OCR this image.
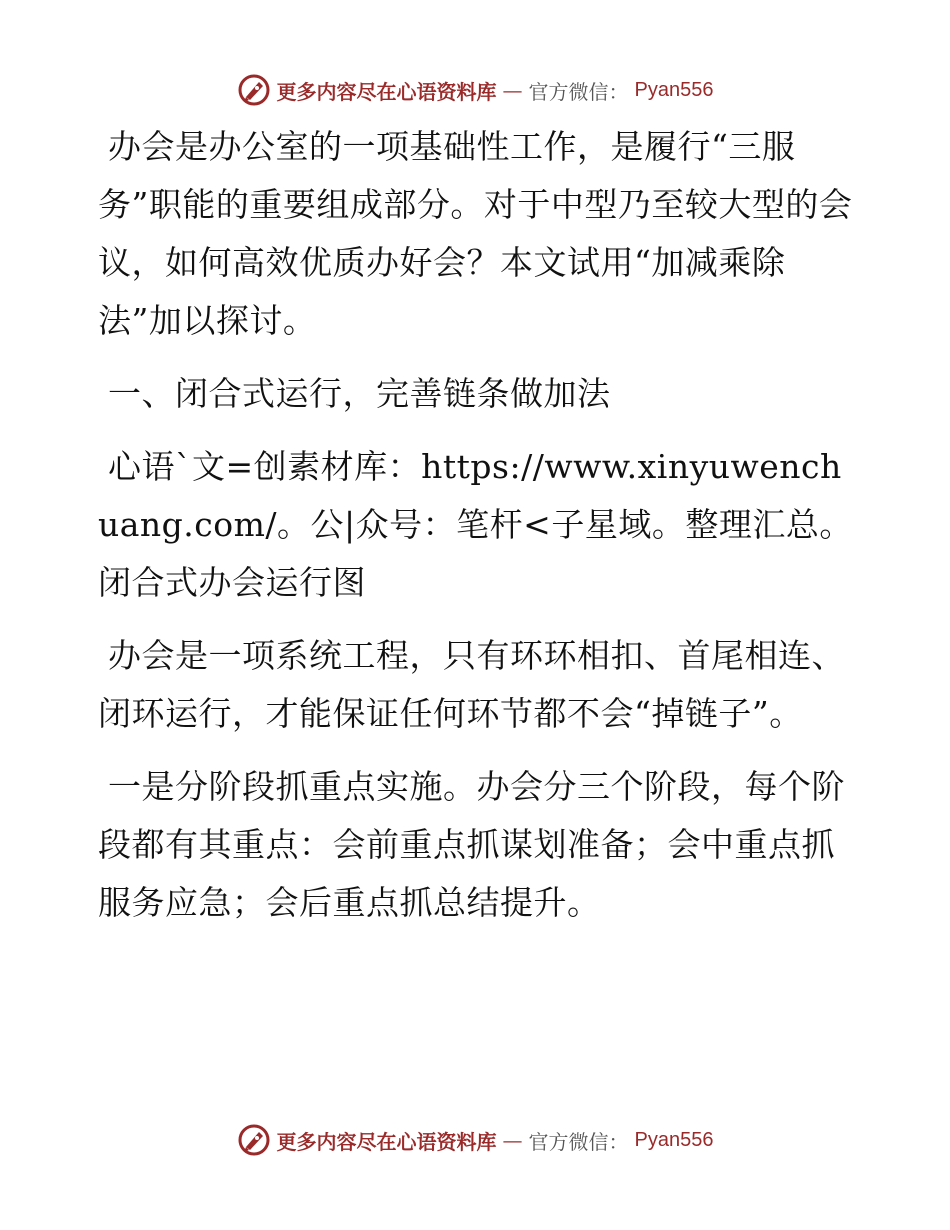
更多内容尽在心语资料库 — 官方微信： Pyan556

办会是办公室的一项基础性工作，是履行“三服务”职能的重要组成部分。对于中型乃至较大型的会议，如何高效优质办好会？本文试用“加减乘除法”加以探讨。

一、闭合式运行，完善链条做加法

心语`文=创素材库：https://www.xinyuwenchuang.com/。公|众号：笔杆<子星域。整理汇总。闭合式办会运行图

办会是一项系统工程，只有环环相扣、首尾相连、闭环运行，才能保证任何环节都不会“掉链子”。

一是分阶段抓重点实施。办会分三个阶段，每个阶段都有其重点：会前重点抓谋划准备；会中重点抓服务应急；会后重点抓总结提升。

更多内容尽在心语资料库 — 官方微信： Pyan556
